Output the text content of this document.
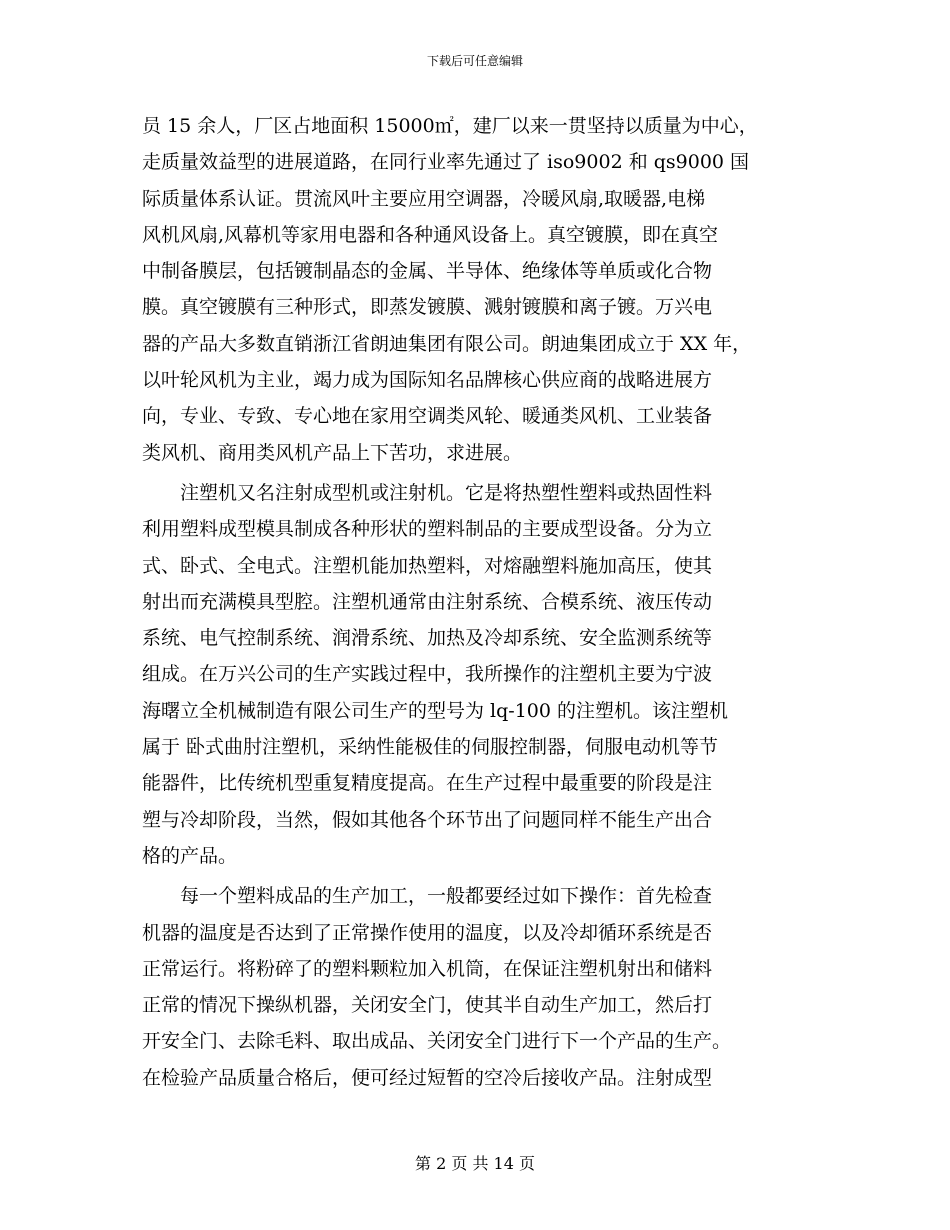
下载后可任意编辑
员 15 余人，厂区占地面积 15000㎡，建厂以来一贯坚持以质量为中心，
走质量效益型的进展道路，在同行业率先通过了 iso9002 和 qs9000 国
际质量体系认证。贯流风叶主要应用空调器，冷暖风扇,取暖器,电梯
风机风扇,风幕机等家用电器和各种通风设备上。真空镀膜，即在真空
中制备膜层，包括镀制晶态的金属、半导体、绝缘体等单质或化合物
膜。真空镀膜有三种形式，即蒸发镀膜、溅射镀膜和离子镀。万兴电
器的产品大多数直销浙江省朗迪集团有限公司。朗迪集团成立于 XX 年，
以叶轮风机为主业，竭力成为国际知名品牌核心供应商的战略进展方
向，专业、专致、专心地在家用空调类风轮、暖通类风机、工业装备
类风机、商用类风机产品上下苦功，求进展。
　　注塑机又名注射成型机或注射机。它是将热塑性塑料或热固性料
利用塑料成型模具制成各种形状的塑料制品的主要成型设备。分为立
式、卧式、全电式。注塑机能加热塑料，对熔融塑料施加高压，使其
射出而充满模具型腔。注塑机通常由注射系统、合模系统、液压传动
系统、电气控制系统、润滑系统、加热及冷却系统、安全监测系统等
组成。在万兴公司的生产实践过程中，我所操作的注塑机主要为宁波
海曙立全机械制造有限公司生产的型号为 lq-100 的注塑机。该注塑机
属于 卧式曲肘注塑机，采纳性能极佳的伺服控制器，伺服电动机等节
能器件，比传统机型重复精度提高。在生产过程中最重要的阶段是注
塑与冷却阶段，当然，假如其他各个环节出了问题同样不能生产出合
格的产品。
　　每一个塑料成品的生产加工，一般都要经过如下操作：首先检查
机器的温度是否达到了正常操作使用的温度，以及冷却循环系统是否
正常运行。将粉碎了的塑料颗粒加入机筒，在保证注塑机射出和储料
正常的情况下操纵机器，关闭安全门，使其半自动生产加工，然后打
开安全门、去除毛料、取出成品、关闭安全门进行下一个产品的生产。
在检验产品质量合格后，便可经过短暂的空冷后接收产品。注射成型
第 2 页 共 14 页
